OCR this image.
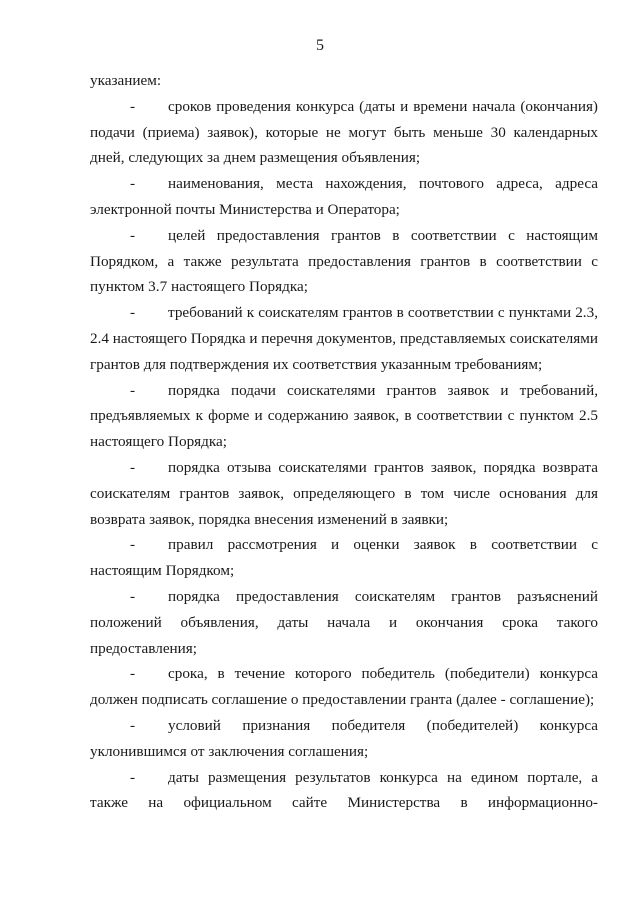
5

указанием:

- сроков проведения конкурса (даты и времени начала (окончания) подачи (приема) заявок), которые не могут быть меньше 30 календарных дней, следующих за днем размещения объявления;

- наименования, места нахождения, почтового адреса, адреса электронной почты Министерства и Оператора;

- целей предоставления грантов в соответствии с настоящим Порядком, а также результата предоставления грантов в соответствии с пунктом 3.7 настоящего Порядка;

- требований к соискателям грантов в соответствии с пунктами 2.3, 2.4 настоящего Порядка и перечня документов, представляемых соискателями грантов для подтверждения их соответствия указанным требованиям;

- порядка подачи соискателями грантов заявок и требований, предъявляемых к форме и содержанию заявок, в соответствии с пунктом 2.5 настоящего Порядка;

- порядка отзыва соискателями грантов заявок, порядка возврата соискателям грантов заявок, определяющего в том числе основания для возврата заявок, порядка внесения изменений в заявки;

- правил рассмотрения и оценки заявок в соответствии с настоящим Порядком;

- порядка предоставления соискателям грантов разъяснений положений объявления, даты начала и окончания срока такого предоставления;

- срока, в течение которого победитель (победители) конкурса должен подписать соглашение о предоставлении гранта (далее - соглашение);

- условий признания победителя (победителей) конкурса уклонившимся от заключения соглашения;

- даты размещения результатов конкурса на едином портале, а также на официальном сайте Министерства в информационно-
